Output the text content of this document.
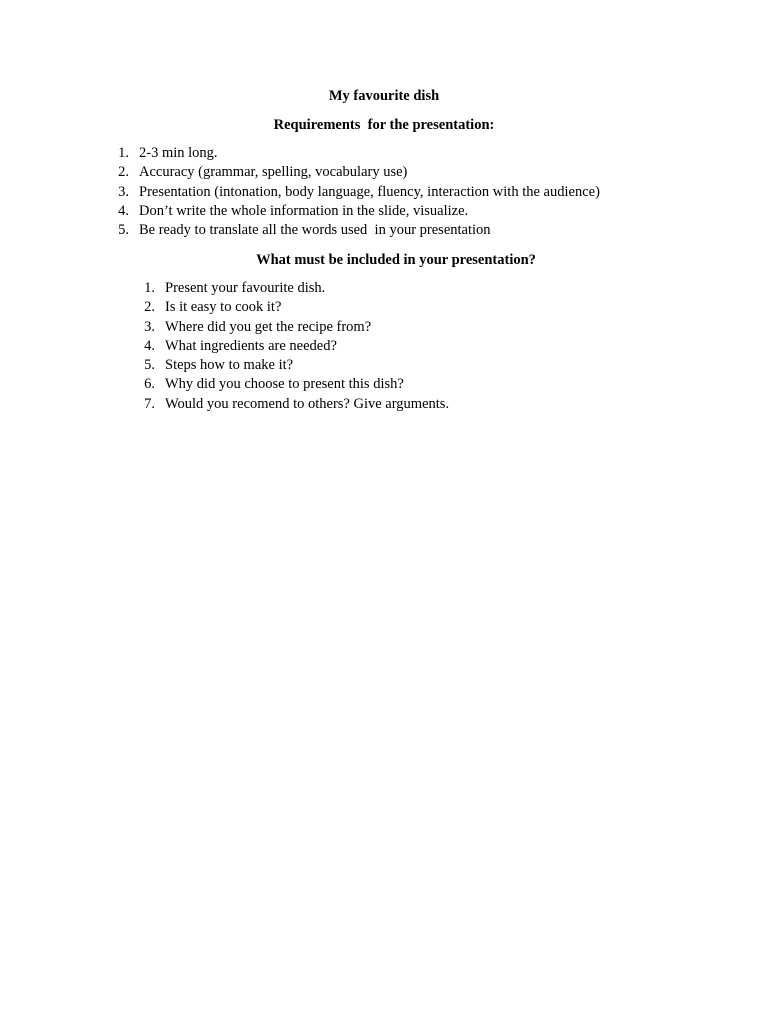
My favourite dish
Requirements  for the presentation:
1. 2-3 min long.
2. Accuracy (grammar, spelling, vocabulary use)
3. Presentation (intonation, body language, fluency, interaction with the audience)
4. Don’t write the whole information in the slide, visualize.
5. Be ready to translate all the words used  in your presentation
What must be included in your presentation?
1. Present your favourite dish.
2. Is it easy to cook it?
3. Where did you get the recipe from?
4. What ingredients are needed?
5. Steps how to make it?
6. Why did you choose to present this dish?
7. Would you recomend to others? Give arguments.
